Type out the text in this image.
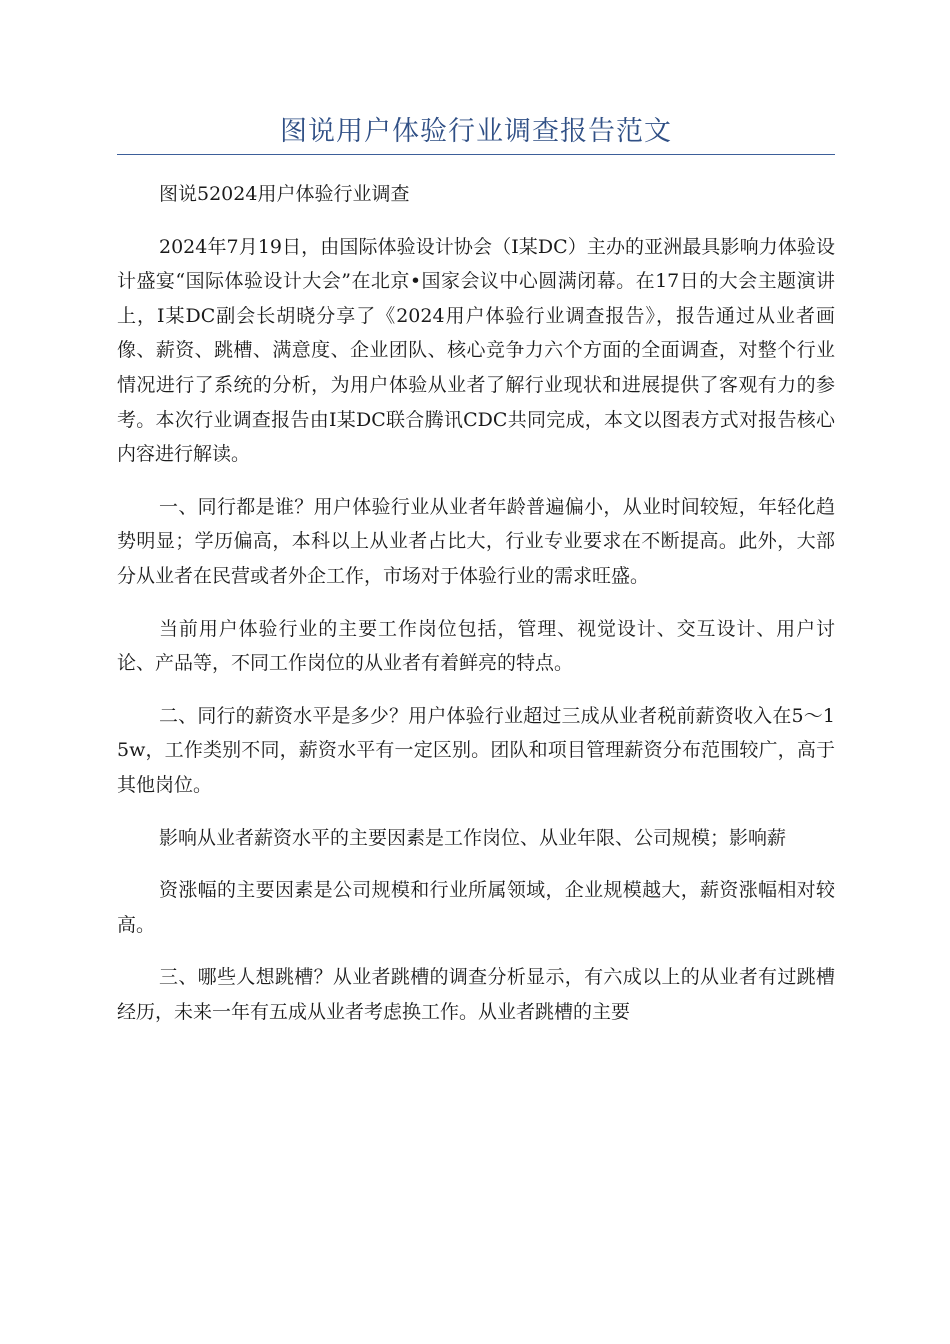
图说用户体验行业调查报告范文

图说52024用户体验行业调查

2024年7月19日，由国际体验设计协会（I某DC）主办的亚洲最具影响力体验设计盛宴“国际体验设计大会”在北京•国家会议中心圆满闭幕。在17日的大会主题演讲上，I某DC副会长胡晓分享了《2024用户体验行业调查报告》，报告通过从业者画像、薪资、跳槽、满意度、企业团队、核心竞争力六个方面的全面调查，对整个行业情况进行了系统的分析，为用户体验从业者了解行业现状和进展提供了客观有力的参考。本次行业调查报告由I某DC联合腾讯CDC共同完成，本文以图表方式对报告核心内容进行解读。

一、同行都是谁？用户体验行业从业者年龄普遍偏小，从业时间较短，年轻化趋势明显；学历偏高，本科以上从业者占比大，行业专业要求在不断提高。此外，大部分从业者在民营或者外企工作，市场对于体验行业的需求旺盛。

当前用户体验行业的主要工作岗位包括，管理、视觉设计、交互设计、用户讨论、产品等，不同工作岗位的从业者有着鲜亮的特点。

二、同行的薪资水平是多少？用户体验行业超过三成从业者税前薪资收入在5～15w，工作类别不同，薪资水平有一定区别。团队和项目管理薪资分布范围较广，高于其他岗位。

影响从业者薪资水平的主要因素是工作岗位、从业年限、公司规模；影响薪

资涨幅的主要因素是公司规模和行业所属领域，企业规模越大，薪资涨幅相对较高。

三、哪些人想跳槽？从业者跳槽的调查分析显示，有六成以上的从业者有过跳槽经历，未来一年有五成从业者考虑换工作。从业者跳槽的主要
